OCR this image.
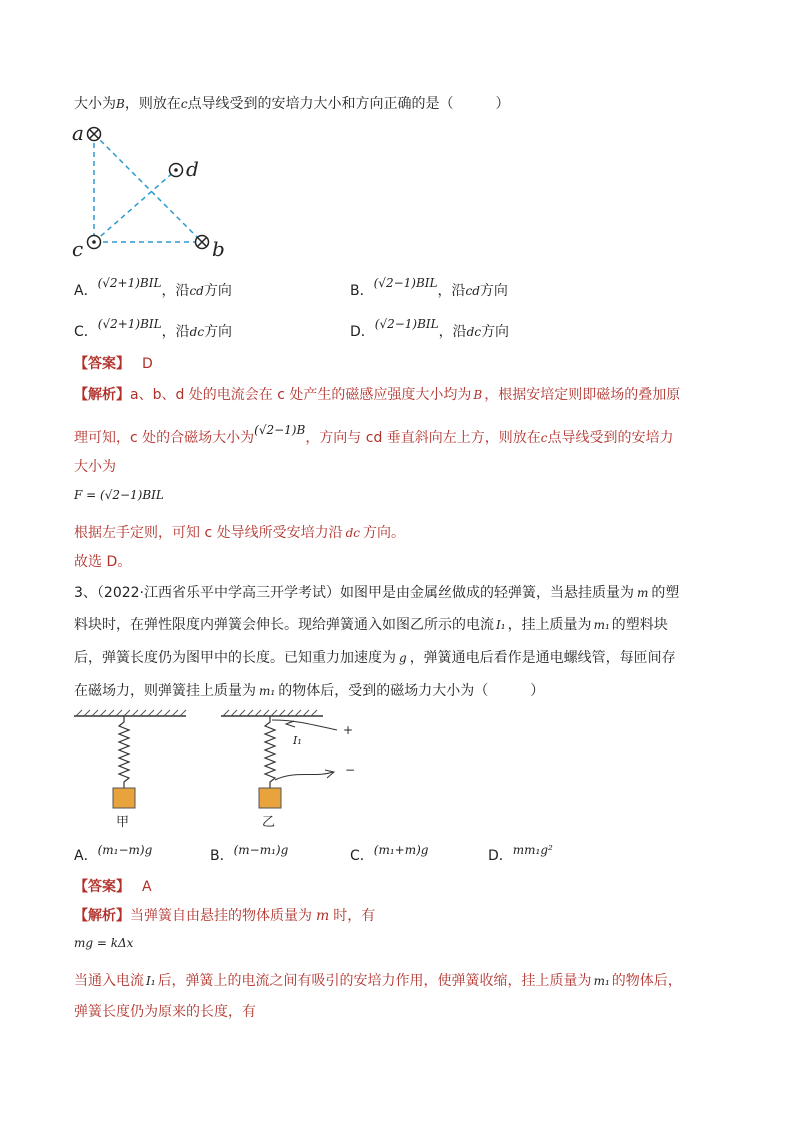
大小为B，则放在c点导线受到的安培力大小和方向正确的是（　　　）
a
d
c	b
A．(√2+1)BIL，沿cd方向	B．(√2−1)BIL，沿cd方向
C．(√2+1)BIL，沿dc方向	D．(√2−1)BIL，沿dc方向
【答案】 D
【解析】a、b、d 处的电流会在 c 处产生的磁感应强度大小均为 B ，根据安培定则即磁场的叠加原
理可知，c 处的合磁场大小为(√2−1)B，方向与 cd 垂直斜向左上方，则放在c点导线受到的安培力
大小为
F = (√2−1)BIL
根据左手定则，可知 c 处导线所受安培力沿 dc 方向。
故选 D。
3、（2022·江西省乐平中学高三开学考试）如图甲是由金属丝做成的轻弹簧，当悬挂质量为 m 的塑
料块时，在弹性限度内弹簧会伸长。现给弹簧通入如图乙所示的电流 I₁ ，挂上质量为 m₁ 的塑料块
后，弹簧长度仍为图甲中的长度。已知重力加速度为 g ，弹簧通电后看作是通电螺线管，每匝间存
在磁场力，则弹簧挂上质量为 m₁ 的物体后，受到的磁场力大小为（　　　）
甲
I₁
+
−
乙
A．(m₁−m)g	B．(m−m₁)g	C．(m₁+m)g	D．mm₁g²
【答案】 A
【解析】当弹簧自由悬挂的物体质量为 m 时，有
mg = kΔx
当通入电流 I₁ 后，弹簧上的电流之间有吸引的安培力作用，使弹簧收缩，挂上质量为 m₁ 的物体后，
弹簧长度仍为原来的长度，有
